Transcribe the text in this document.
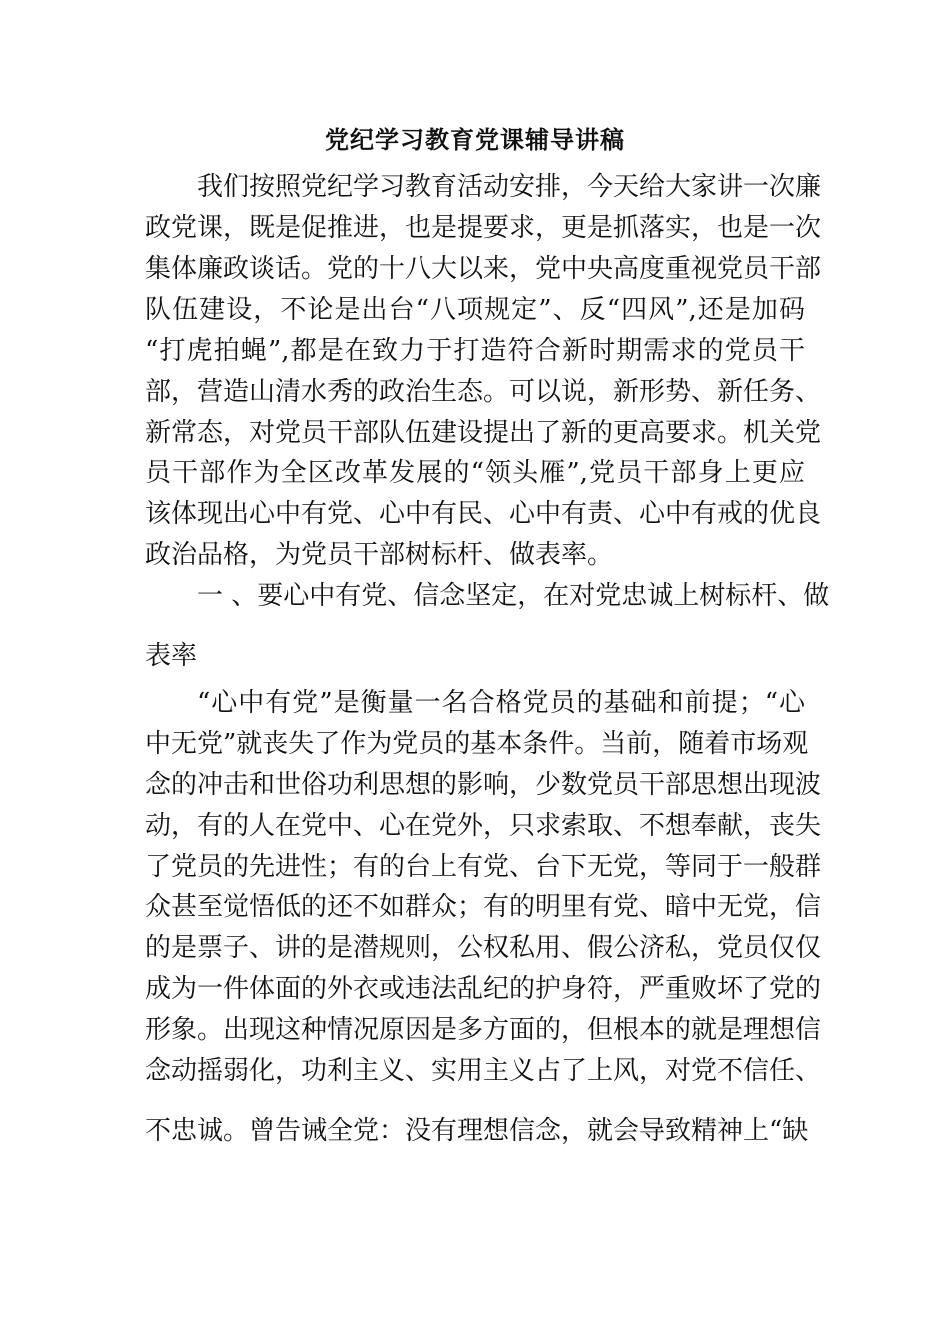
党纪学习教育党课辅导讲稿
我们按照党纪学习教育活动安排，今天给大家讲一次廉
政党课，既是促推进，也是提要求，更是抓落实，也是一次
集体廉政谈话。党的十八大以来，党中央高度重视党员干部
队伍建设，不论是出台“八项规定”、反“四风”,还是加码
“打虎拍蝇”,都是在致力于打造符合新时期需求的党员干
部，营造山清水秀的政治生态。可以说，新形势、新任务、
新常态，对党员干部队伍建设提出了新的更高要求。机关党
员干部作为全区改革发展的“领头雁”,党员干部身上更应
该体现出心中有党、心中有民、心中有责、心中有戒的优良
政治品格，为党员干部树标杆、做表率。
一 、要心中有党、信念坚定，在对党忠诚上树标杆、做
表率
“心中有党”是衡量一名合格党员的基础和前提；“心
中无党”就丧失了作为党员的基本条件。当前，随着市场观
念的冲击和世俗功利思想的影响，少数党员干部思想出现波
动，有的人在党中、心在党外，只求索取、不想奉献，丧失
了党员的先进性；有的台上有党、台下无党，等同于一般群
众甚至觉悟低的还不如群众；有的明里有党、暗中无党，信
的是票子、讲的是潜规则，公权私用、假公济私，党员仅仅
成为一件体面的外衣或违法乱纪的护身符，严重败坏了党的
形象。出现这种情况原因是多方面的，但根本的就是理想信
念动摇弱化，功利主义、实用主义占了上风，对党不信任、
不忠诚。曾告诫全党：没有理想信念，就会导致精神上“缺
